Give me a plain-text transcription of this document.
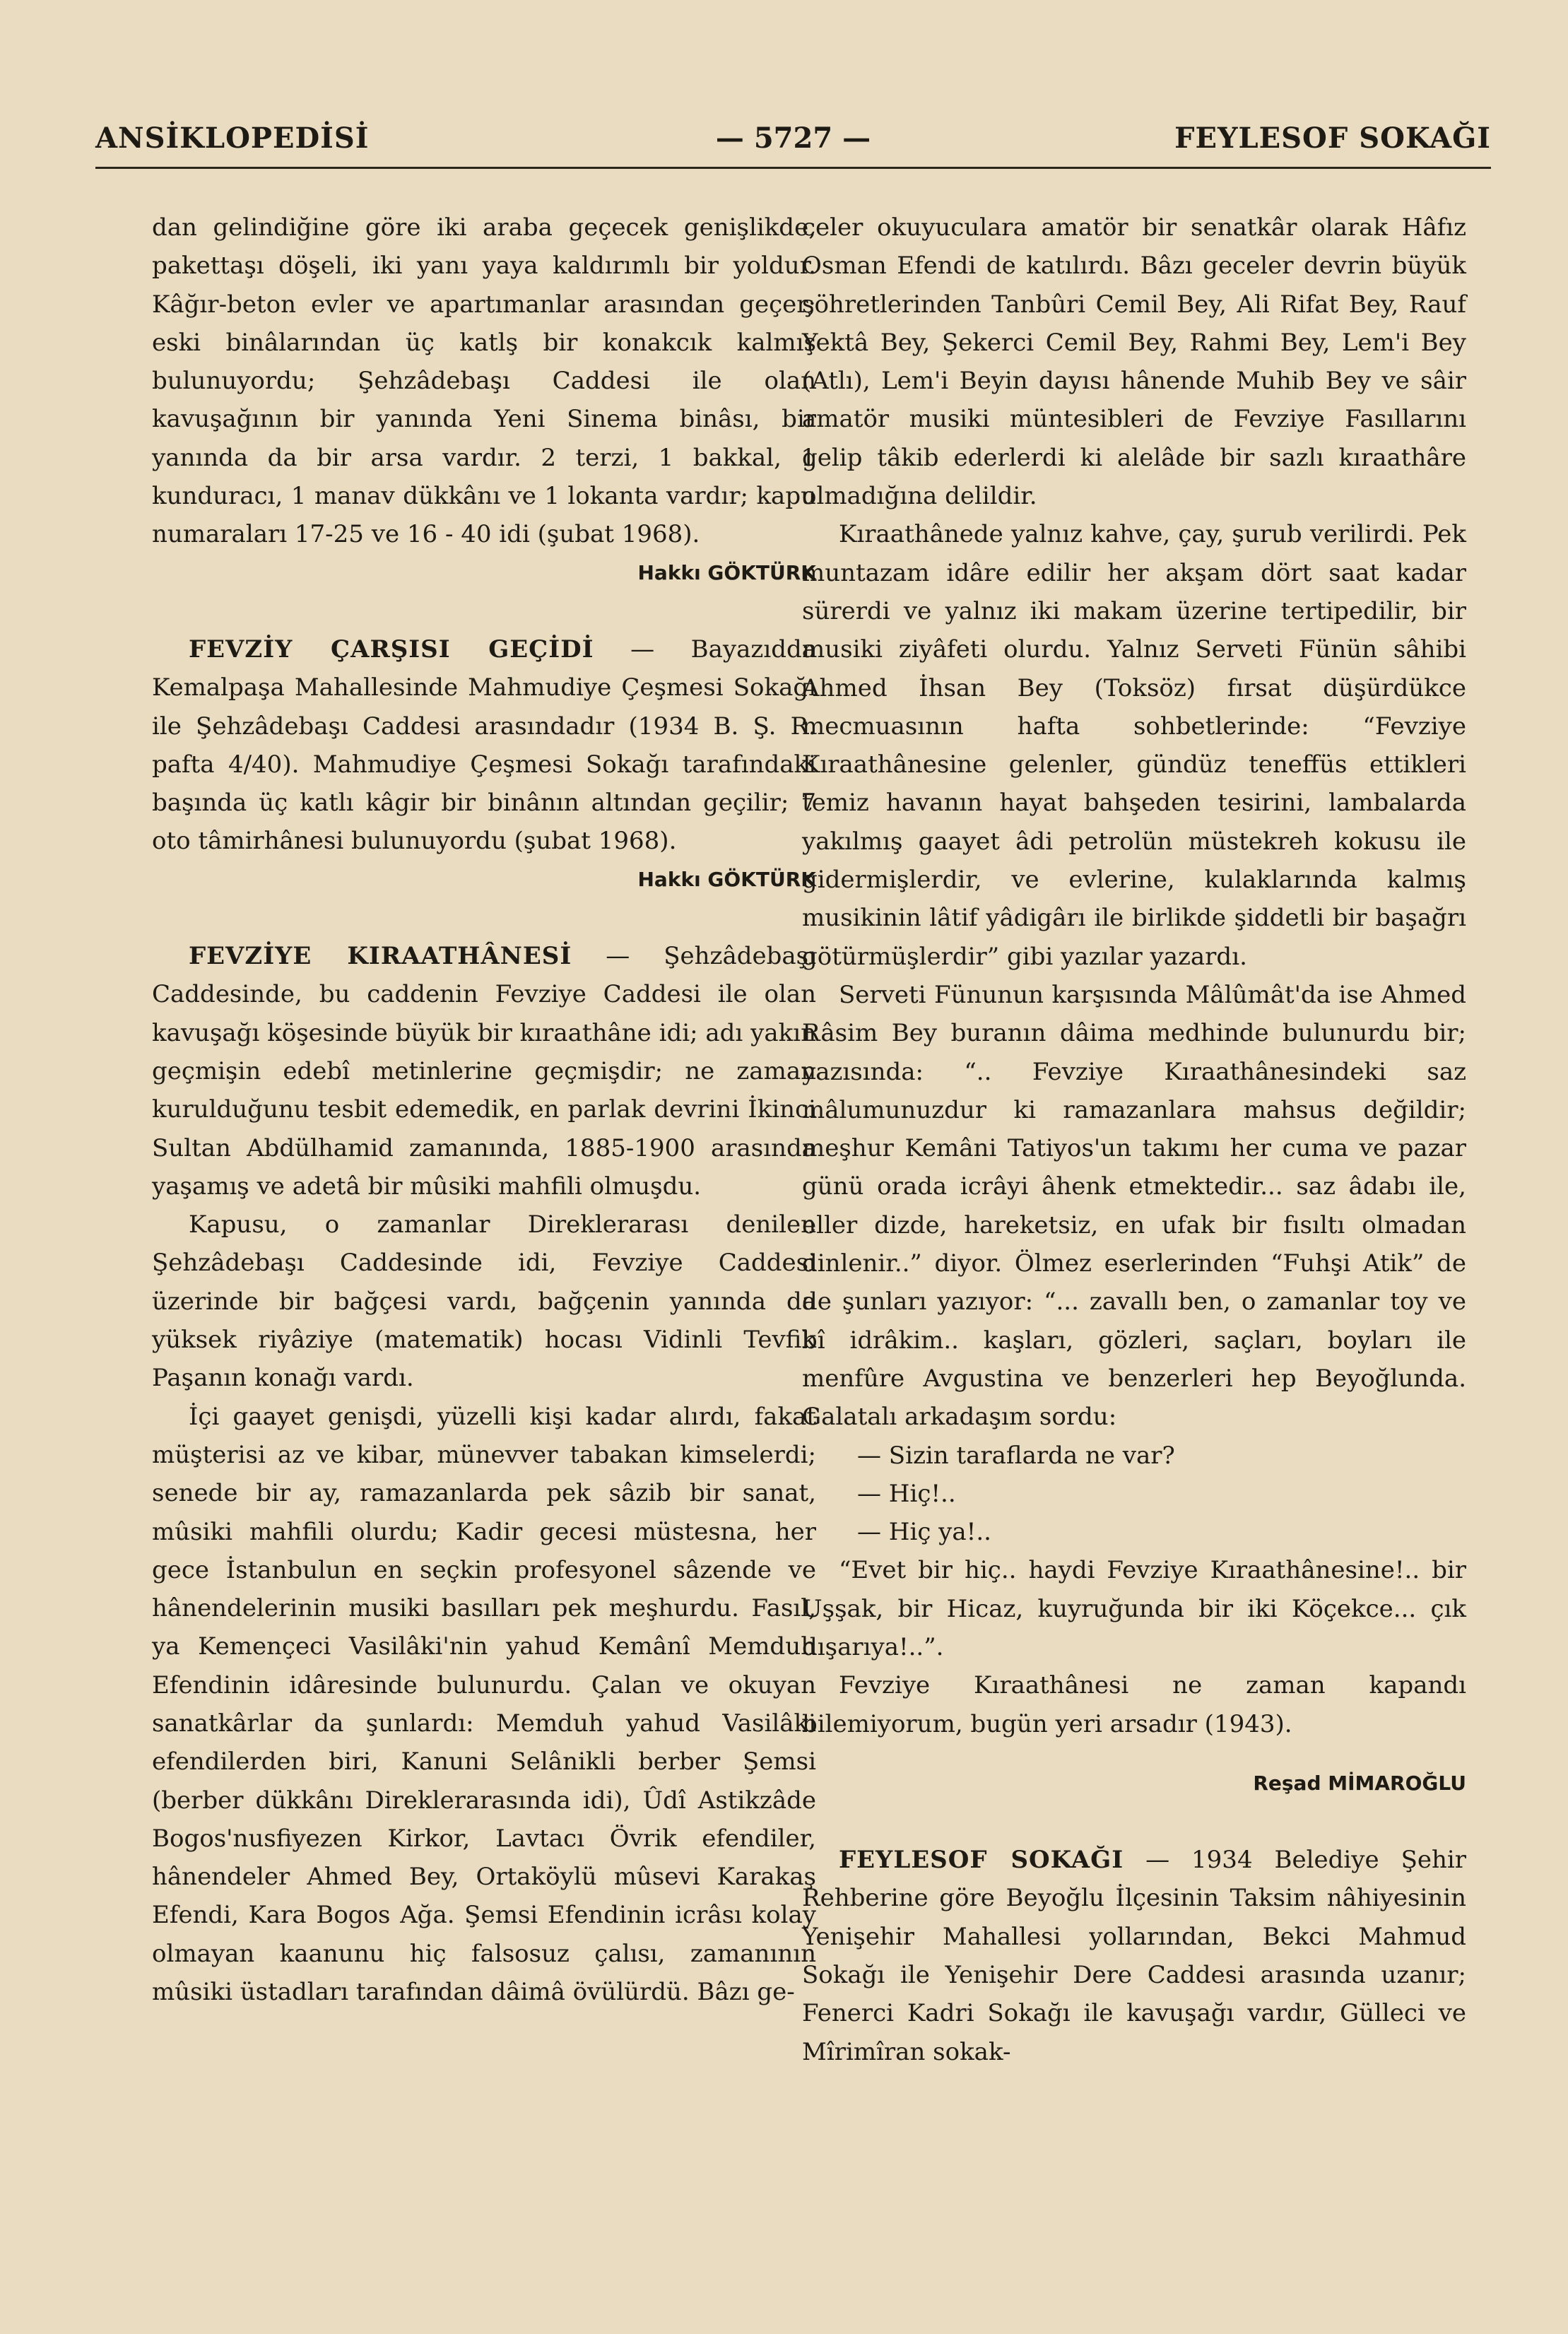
ANSİKLOPEDİSİ	— 5727 —	FEYLESOF SOKAĞI

dan gelindiğine göre iki araba geçecek genişlikde, pakettaşı döşeli, iki yanı yaya kaldırımlı bir yoldur. Kâğır-beton evler ve apartımanlar arasından geçer; eski binâlarından üç katlş bir konakcık kalmış bulunuyordu; Şehzâdebaşı Caddesi ile olan kavuşağının bir yanında Yeni Sinema binâsı, bir yanında da bir arsa vardır. 2 terzi, 1 bakkal, 1 kunduracı, 1 manav dükkânı ve 1 lokanta vardır; kapu numaraları 17-25 ve 16 - 40 idi (şubat 1968).

Hakkı GÖKTÜRK

FEVZİY ÇARŞISI GEÇİDİ — Bayazıdda Kemalpaşa Mahallesinde Mahmudiye Çeşmesi Sokağı ile Şehzâdebaşı Caddesi arasındadır (1934 B. Ş. R. pafta 4/40). Mahmudiye Çeşmesi Sokağı tarafındaki başında üç katlı kâgir bir binânın altından geçilir; 7 oto tâmirhânesi bulunuyordu (şubat 1968).

Hakkı GÖKTÜRK

FEVZİYE KIRAATHÂNESİ — Şehzâdebaşı Caddesinde, bu caddenin Fevziye Caddesi ile olan kavuşağı köşesinde büyük bir kıraathâne idi; adı yakın geçmişin edebî metinlerine geçmişdir; ne zaman kurulduğunu tesbit edemedik, en parlak devrini İkinci Sultan Abdülhamid zamanında, 1885-1900 arasında yaşamış ve adetâ bir mûsiki mahfili olmuşdu.

Kapusu, o zamanlar Direklerarası denilen Şehzâdebaşı Caddesinde idi, Fevziye Caddesi üzerinde bir bağçesi vardı, bağçenin yanında da yüksek riyâziye (matematik) hocası Vidinli Tevfik Paşanın konağı vardı.

İçi gaayet genişdi, yüzelli kişi kadar alırdı, fakat müşterisi az ve kibar, münevver tabakan kimselerdi; senede bir ay, ramazanlarda pek sâzib bir sanat, mûsiki mahfili olurdu; Kadir gecesi müstesna, her gece İstanbulun en seçkin profesyonel sâzende ve hânendelerinin musiki basılları pek meşhurdu. Fasıl, ya Kemençeci Vasilâki'nin yahud Kemânî Memduh Efendinin idâresinde bulunurdu. Çalan ve okuyan sanatkârlar da şunlardı: Memduh yahud Vasilâki efendilerden biri, Kanuni Selânikli berber Şemsi (berber dükkânı Direklerarasında idi), Ûdî Astikzâde Bogos'nusfiyezen Kirkor, Lavtacı Övrik efendiler, hânendeler Ahmed Bey, Ortaköylü mûsevi Karakaş Efendi, Kara Bogos Ağa. Şemsi Efendinin icrâsı kolay olmayan kaanunu hiç falsosuz çalısı, zamanının mûsiki üstadları tarafından dâimâ övülürdü. Bâzı ge-

celer okuyuculara amatör bir senatkâr olarak Hâfız Osman Efendi de katılırdı. Bâzı geceler devrin büyük şöhretlerinden Tanbûri Cemil Bey, Ali Rifat Bey, Rauf Yektâ Bey, Şekerci Cemil Bey, Rahmi Bey, Lem'i Bey (Atlı), Lem'i Beyin dayısı hânende Muhib Bey ve sâir amatör musiki müntesibleri de Fevziye Fasıllarını gelip tâkib ederlerdi ki alelâde bir sazlı kıraathâre olmadığına delildir.

Kıraathânede yalnız kahve, çay, şurub verilirdi. Pek muntazam idâre edilir her akşam dört saat kadar sürerdi ve yalnız iki makam üzerine tertipedilir, bir musiki ziyâfeti olurdu. Yalnız Serveti Fünün sâhibi Ahmed İhsan Bey (Toksöz) fırsat düşürdükce mecmuasının hafta sohbetlerinde: “Fevziye Kıraathânesine gelenler, gündüz teneffüs ettikleri temiz havanın hayat bahşeden tesirini, lambalarda yakılmış gaayet âdi petrolün müstekreh kokusu ile gidermişlerdir, ve evlerine, kulaklarında kalmış musikinin lâtif yâdigârı ile birlikde şiddetli bir başağrı götürmüşlerdir” gibi yazılar yazardı.

Serveti Fünunun karşısında Mâlûmât'da ise Ahmed Râsim Bey buranın dâima medhinde bulunurdu bir; yazısında: “.. Fevziye Kıraathânesindeki saz mâlumunuzdur ki ramazanlara mahsus değildir; meşhur Kemâni Tatiyos'un takımı her cuma ve pazar günü orada icrâyi âhenk etmektedir... saz âdabı ile, eller dizde, hareketsiz, en ufak bir fısıltı olmadan dinlenir..” diyor. Ölmez eserlerinden “Fuhşi Atik” de de şunları yazıyor: “... zavallı ben, o zamanlar toy ve bî idrâkim.. kaşları, gözleri, saçları, boyları ile menfûre Avgustina ve benzerleri hep Beyoğlunda. Galatalı arkadaşım sordu:

— Sizin taraflarda ne var?

— Hiç!..

— Hiç ya!..

“Evet bir hiç.. haydi Fevziye Kıraathânesine!.. bir Uşşak, bir Hicaz, kuyruğunda bir iki Köçekce... çık dışarıya!..”.

Fevziye Kıraathânesi ne zaman kapandı bilemiyorum, bugün yeri arsadır (1943).

Reşad MİMAROĞLU

FEYLESOF SOKAĞI — 1934 Belediye Şehir Rehberine göre Beyoğlu İlçesinin Taksim nâhiyesinin Yenişehir Mahallesi yollarından, Bekci Mahmud Sokağı ile Yenişehir Dere Caddesi arasında uzanır; Fenerci Kadri Sokağı ile kavuşağı vardır, Gülleci ve Mîrimîran sokak-
